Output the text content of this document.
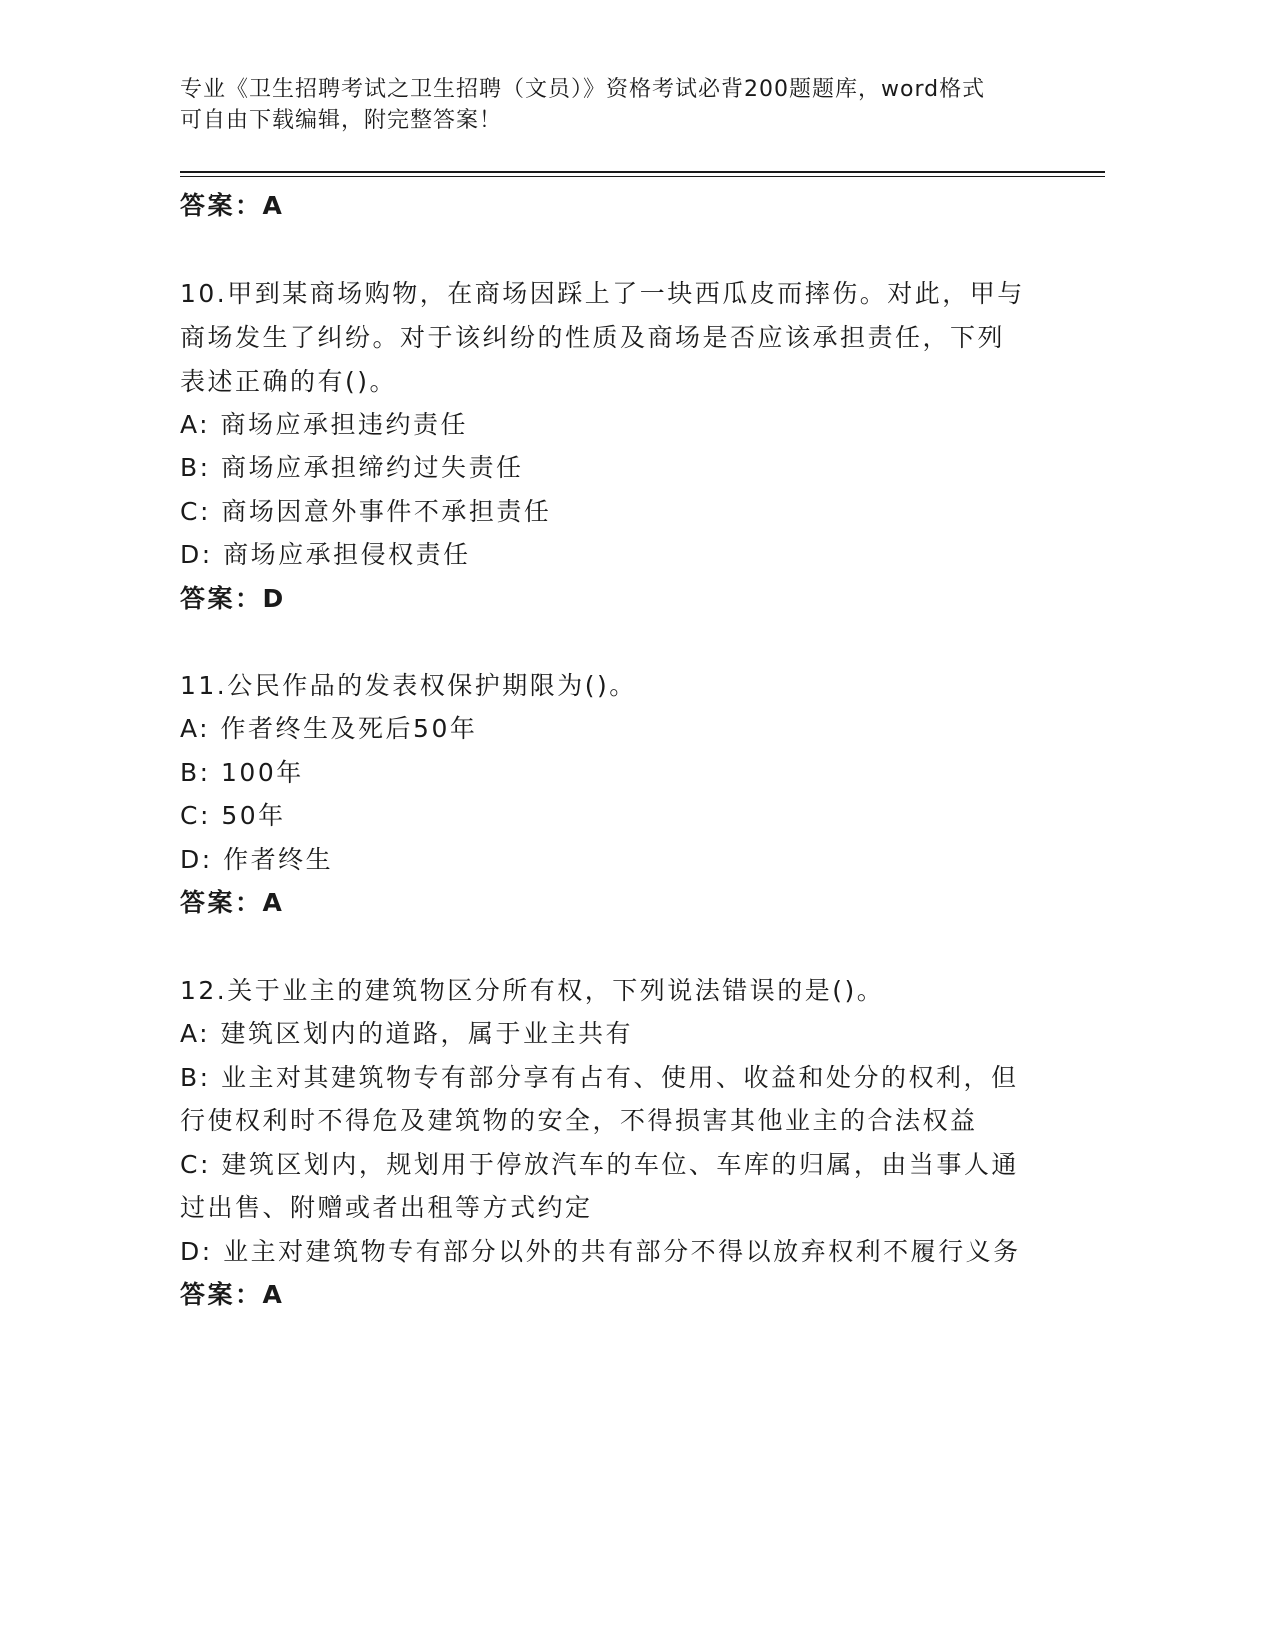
专业《卫生招聘考试之卫生招聘（文员）》资格考试必背200题题库，word格式
可自由下载编辑，附完整答案！
答案：A
10.甲到某商场购物，在商场因踩上了一块西瓜皮而摔伤。对此，甲与
商场发生了纠纷。对于该纠纷的性质及商场是否应该承担责任，下列
表述正确的有()。
A: 商场应承担违约责任
B: 商场应承担缔约过失责任
C: 商场因意外事件不承担责任
D: 商场应承担侵权责任
答案：D
11.公民作品的发表权保护期限为()。
A: 作者终生及死后50年
B: 100年
C: 50年
D: 作者终生
答案：A
12.关于业主的建筑物区分所有权，下列说法错误的是()。
A: 建筑区划内的道路，属于业主共有
B: 业主对其建筑物专有部分享有占有、使用、收益和处分的权利，但
行使权利时不得危及建筑物的安全，不得损害其他业主的合法权益
C: 建筑区划内，规划用于停放汽车的车位、车库的归属，由当事人通
过出售、附赠或者出租等方式约定
D: 业主对建筑物专有部分以外的共有部分不得以放弃权利不履行义务
答案：A
